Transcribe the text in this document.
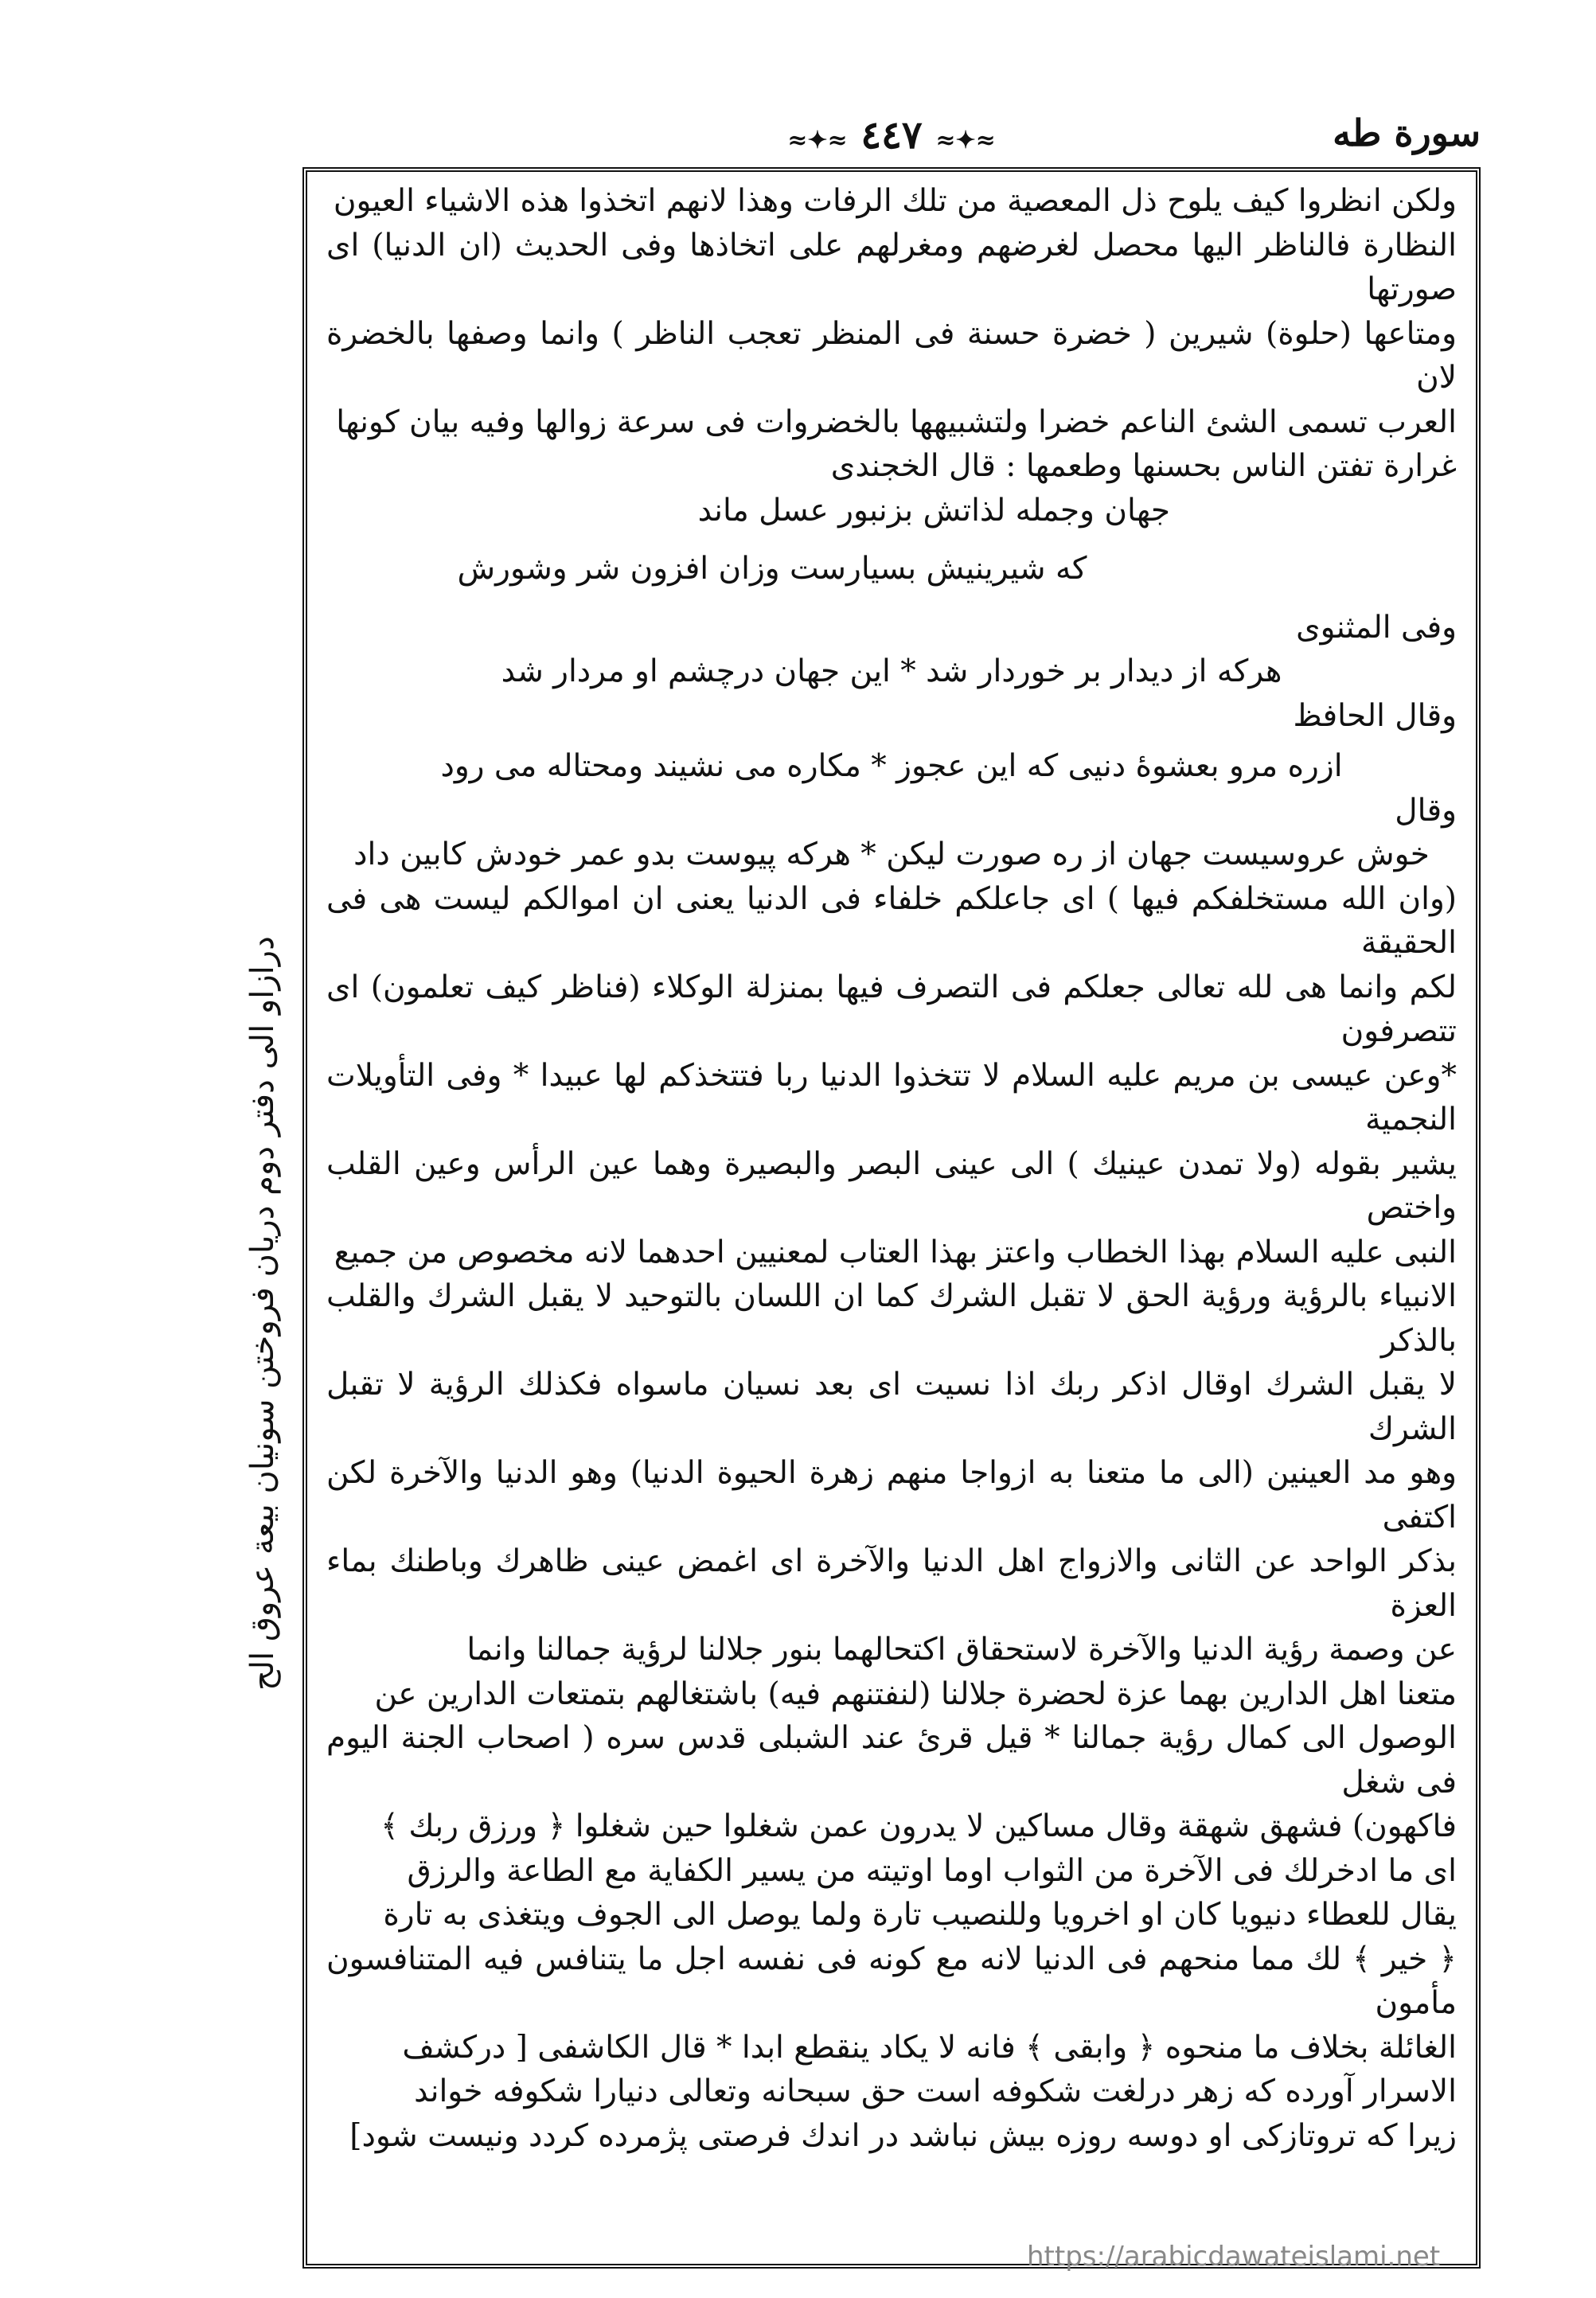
سورة طه
≈✦≈ ٤٤٧ ≈✦≈
درازاو الى دفتر دوم دريان فروختن سونيان بيعة عروق الح

ولكن انظروا كيف يلوح ذل المعصية من تلك الرفات وهذا لانهم اتخذوا هذه الاشياء العيون

النظارة فالناظر اليها محصل لغرضهم ومغرلهم على اتخاذها وفى الحديث (ان الدنيا) اى صورتها

ومتاعها (حلوة) شيرين ( خضرة حسنة فى المنظر تعجب الناظر ) وانما وصفها بالخضرة لان

العرب تسمى الشئ الناعم خضرا ولتشبيهها بالخضروات فى سرعة زوالها وفيه بيان كونها

غرارة تفتن الناس بحسنها وطعمها : قال الخجندى

جهان وجمله لذاتش بزنبور عسل ماند

كه شيرينيش بسيارست وزان افزون شر وشورش

وفى المثنوى

هركه از ديدار بر خوردار شد * اين جهان درچشم او مردار شد

وقال الحافظ

ازره مرو بعشوهٔ دنيى كه اين عجوز * مكاره مى نشيند ومحتاله مى رود

وقال

خوش عروسيست جهان از ره صورت ليكن * هركه پيوست بدو عمر خودش كابين داد

(وان الله مستخلفكم فيها ) اى جاعلكم خلفاء فى الدنيا يعنى ان اموالكم ليست هى فى الحقيقة

لكم وانما هى لله تعالى جعلكم فى التصرف فيها بمنزلة الوكلاء (فناظر كيف تعلمون) اى تتصرفون

*وعن عيسى بن مريم عليه السلام لا تتخذوا الدنيا ربا فتتخذكم لها عبيدا * وفى التأويلات النجمية

يشير بقوله (ولا تمدن عينيك ) الى عينى البصر والبصيرة وهما عين الرأس وعين القلب واختص

النبى عليه السلام بهذا الخطاب واعتز بهذا العتاب لمعنيين احدهما لانه مخصوص من جميع

الانبياء بالرؤية ورؤية الحق لا تقبل الشرك كما ان اللسان بالتوحيد لا يقبل الشرك والقلب بالذكر

لا يقبل الشرك اوقال اذكر ربك اذا نسيت اى بعد نسيان ماسواه فكذلك الرؤية لا تقبل الشرك

وهو مد العينين (الى ما متعنا به ازواجا منهم زهرة الحيوة الدنيا) وهو الدنيا والآخرة لكن اكتفى

بذكر الواحد عن الثانى والازواج اهل الدنيا والآخرة اى اغمض عينى ظاهرك وباطنك بماء العزة

عن وصمة رؤية الدنيا والآخرة لاستحقاق اكتحالهما بنور جلالنا لرؤية جمالنا وانما

متعنا اهل الدارين بهما عزة لحضرة جلالنا (لنفتنهم فيه) باشتغالهم بتمتعات الدارين عن

الوصول الى كمال رؤية جمالنا * قيل قرئ عند الشبلى قدس سره ( اصحاب الجنة اليوم فى شغل

فاكهون) فشهق شهقة وقال مساكين لا يدرون عمن شغلوا حين شغلوا ﴿ ورزق ربك ﴾

اى ما ادخرلك فى الآخرة من الثواب اوما اوتيته من يسير الكفاية مع الطاعة والرزق

يقال للعطاء دنيويا كان او اخرويا وللنصيب تارة ولما يوصل الى الجوف ويتغذى به تارة

﴿ خير ﴾ لك مما منحهم فى الدنيا لانه مع كونه فى نفسه اجل ما يتنافس فيه المتنافسون مأمون

الغائلة بخلاف ما منحوه ﴿ وابقى ﴾ فانه لا يكاد ينقطع ابدا * قال الكاشفى [ دركشف

الاسرار آورده كه زهر درلغت شكوفه است حق سبحانه وتعالى دنيارا شكوفه خواند

زيرا كه تروتازكى او دوسه روزه بيش نباشد در اندك فرصتى پژمرده كردد ونيست شود]

https://arabicdawateislami.net
